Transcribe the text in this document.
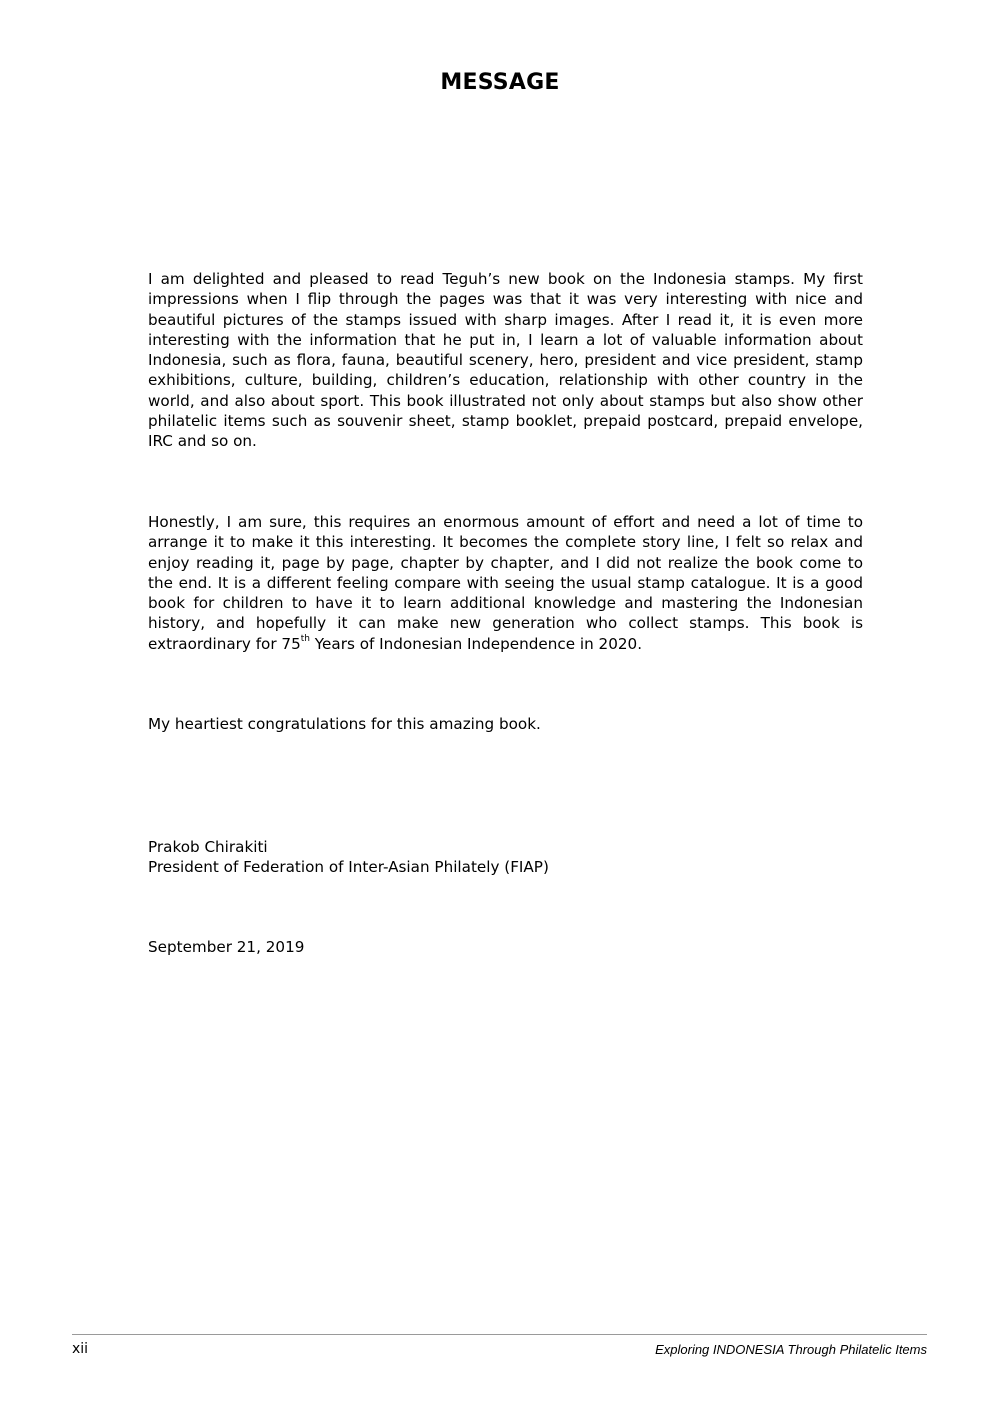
MESSAGE

I am delighted and pleased to read Teguh’s new book on the Indonesia stamps. My first impressions when I flip through the pages was that it was very interesting with nice and beautiful pictures of the stamps issued with sharp images. After I read it, it is even more interesting with the information that he put in, I learn a lot of valuable information about Indonesia, such as flora, fauna, beautiful scenery, hero, president and vice president, stamp exhibitions, culture, building, children’s education, relationship with other country in the world, and also about sport. This book illustrated not only about stamps but also show other philatelic items such as souvenir sheet, stamp booklet, prepaid postcard, prepaid envelope, IRC and so on.

Honestly, I am sure, this requires an enormous amount of effort and need a lot of time to arrange it to make it this interesting. It becomes the complete story line, I felt so relax and enjoy reading it, page by page, chapter by chapter, and I did not realize the book come to the end. It is a different feeling compare with seeing the usual stamp catalogue. It is a good book for children to have it to learn additional knowledge and mastering the Indonesian history, and hopefully it can make new generation who collect stamps. This book is extraordinary for 75th Years of Indonesian Independence in 2020.

My heartiest congratulations for this amazing book.

Prakob Chirakiti
President of Federation of Inter-Asian Philately (FIAP)

September 21, 2019

xii	Exploring INDONESIA Through Philatelic Items
